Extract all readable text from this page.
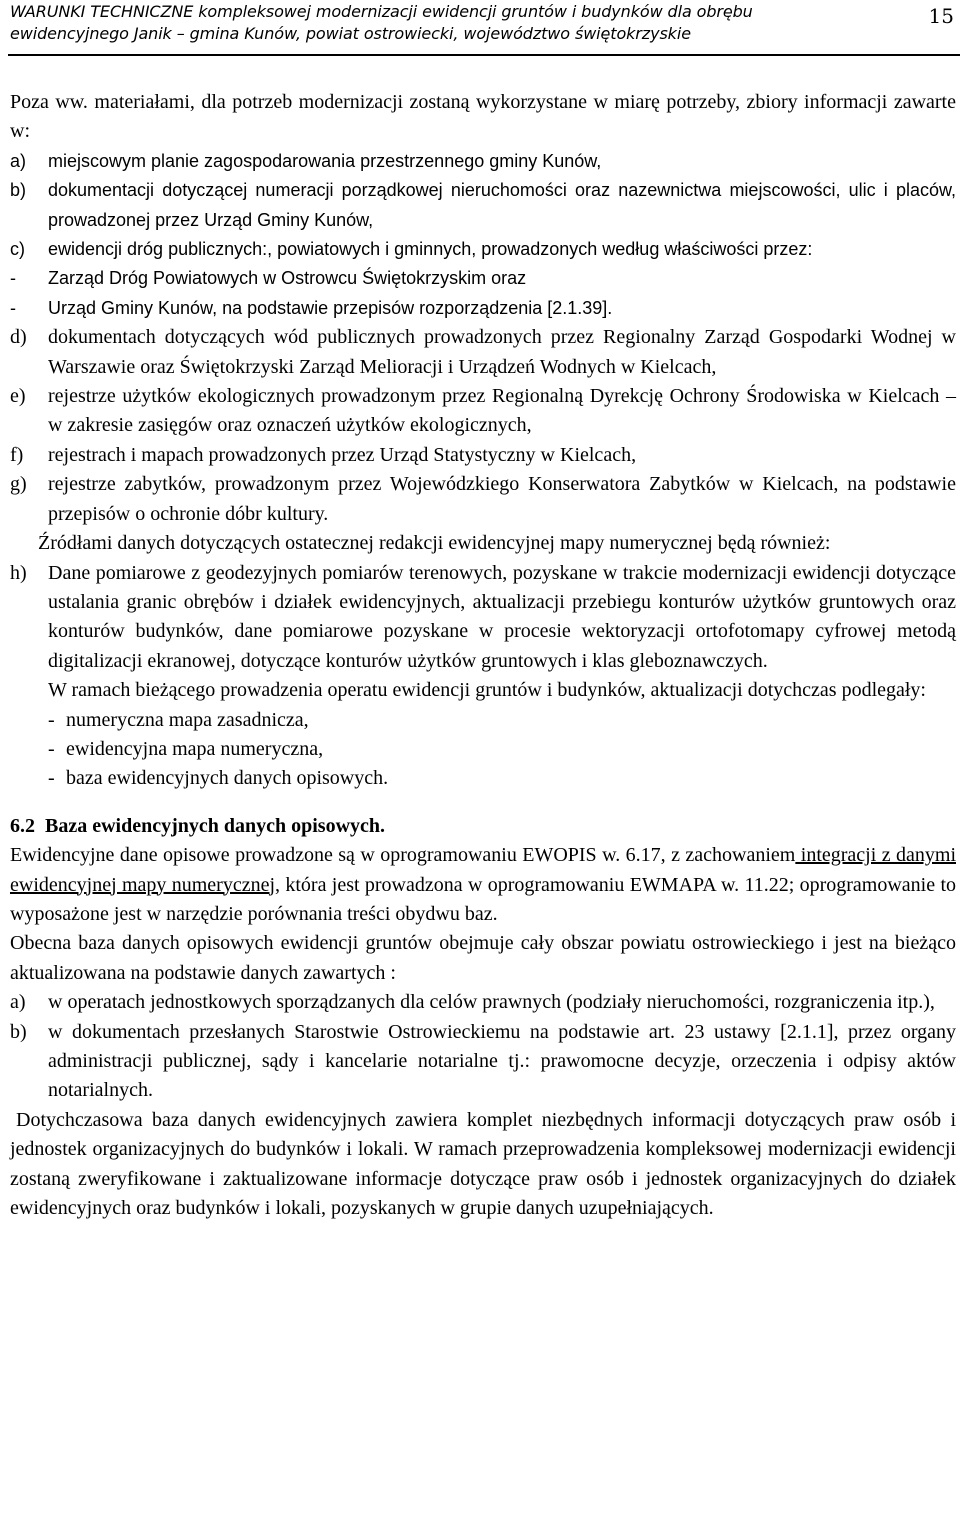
WARUNKI TECHNICZNE kompleksowej modernizacji ewidencji gruntów i budynków dla obrębu
ewidencyjnego Janik – gmina Kunów, powiat ostrowiecki, województwo świętokrzyskie
15

Poza ww. materiałami, dla potrzeb modernizacji zostaną wykorzystane w miarę potrzeby, zbiory informacji zawarte w:

a)	miejscowym planie zagospodarowania przestrzennego gminy Kunów,
b)	dokumentacji dotyczącej numeracji porządkowej nieruchomości oraz nazewnictwa miejscowości, ulic i placów, prowadzonej przez Urząd Gminy Kunów,
c)	ewidencji dróg publicznych:, powiatowych i gminnych, prowadzonych według właściwości przez:
-	Zarząd Dróg Powiatowych w Ostrowcu Świętokrzyskim oraz
-	Urząd Gminy Kunów, na podstawie przepisów rozporządzenia [2.1.39].
d)	dokumentach dotyczących wód publicznych prowadzonych przez Regionalny Zarząd Gospodarki Wodnej w Warszawie oraz Świętokrzyski Zarząd Melioracji i Urządzeń Wodnych w Kielcach,
e)	rejestrze użytków ekologicznych prowadzonym przez Regionalną Dyrekcję Ochrony Środowiska w Kielcach – w zakresie zasięgów oraz oznaczeń użytków ekologicznych,
f)	rejestrach i mapach prowadzonych przez Urząd Statystyczny w Kielcach,
g)	rejestrze zabytków, prowadzonym przez Wojewódzkiego Konserwatora Zabytków w Kielcach, na podstawie przepisów o ochronie dóbr kultury.

Źródłami danych dotyczących ostatecznej redakcji ewidencyjnej mapy numerycznej będą również:

h)	Dane pomiarowe z geodezyjnych pomiarów terenowych, pozyskane w trakcie modernizacji ewidencji dotyczące ustalania granic obrębów i działek ewidencyjnych, aktualizacji przebiegu konturów użytków gruntowych oraz konturów budynków, dane pomiarowe pozyskane w procesie wektoryzacji ortofotomapy cyfrowej metodą digitalizacji ekranowej, dotyczące konturów użytków gruntowych i klas gleboznawczych.

W ramach bieżącego prowadzenia operatu ewidencji gruntów i budynków, aktualizacji dotychczas podlegały:

- numeryczna mapa zasadnicza,
- ewidencyjna mapa numeryczna,
- baza ewidencyjnych danych opisowych.

6.2 Baza ewidencyjnych danych opisowych.

Ewidencyjne dane opisowe prowadzone są w oprogramowaniu EWOPIS w. 6.17, z zachowaniem integracji z danymi ewidencyjnej mapy numerycznej, która jest prowadzona w oprogramowaniu EWMAPA w. 11.22; oprogramowanie to wyposażone jest w narzędzie porównania treści obydwu baz.

Obecna baza danych opisowych ewidencji gruntów obejmuje cały obszar powiatu ostrowieckiego i jest na bieżąco aktualizowana na podstawie danych zawartych :

a)	w operatach jednostkowych sporządzanych dla celów prawnych (podziały nieruchomości, rozgraniczenia itp.),
b)	w dokumentach przesłanych Starostwie Ostrowieckiemu na podstawie art. 23 ustawy [2.1.1], przez organy administracji publicznej, sądy i kancelarie notarialne tj.: prawomocne decyzje, orzeczenia i odpisy aktów notarialnych.

Dotychczasowa baza danych ewidencyjnych zawiera komplet niezbędnych informacji dotyczących praw osób i jednostek organizacyjnych do budynków i lokali. W ramach przeprowadzenia kompleksowej modernizacji ewidencji zostaną zweryfikowane i zaktualizowane informacje dotyczące praw osób i jednostek organizacyjnych do działek ewidencyjnych oraz budynków i lokali, pozyskanych w grupie danych uzupełniających.
